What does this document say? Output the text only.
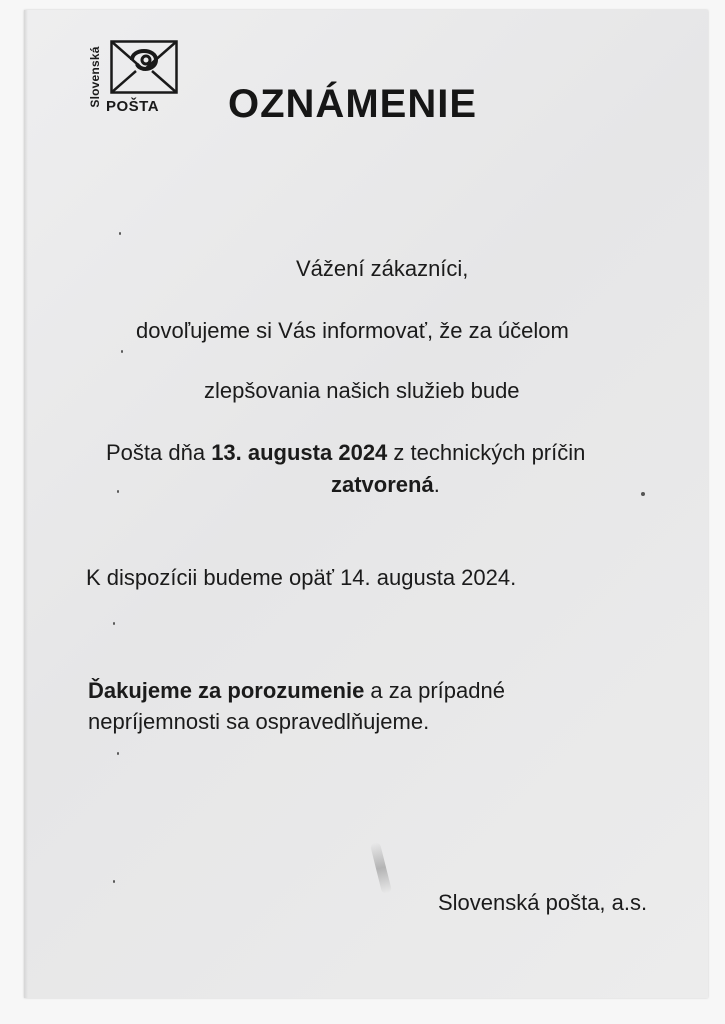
Slovenská POŠTA OZNÁMENIE

Vážení zákazníci,

dovoľujeme si Vás informovať, že za účelom

zlepšovania našich služieb bude

Pošta dňa 13. augusta 2024 z technických príčin

zatvorená.

K dispozícii budeme opäť 14. augusta 2024.

Ďakujeme za porozumenie a za prípadné

nepríjemnosti sa ospravedlňujeme.

Slovenská pošta, a.s.
